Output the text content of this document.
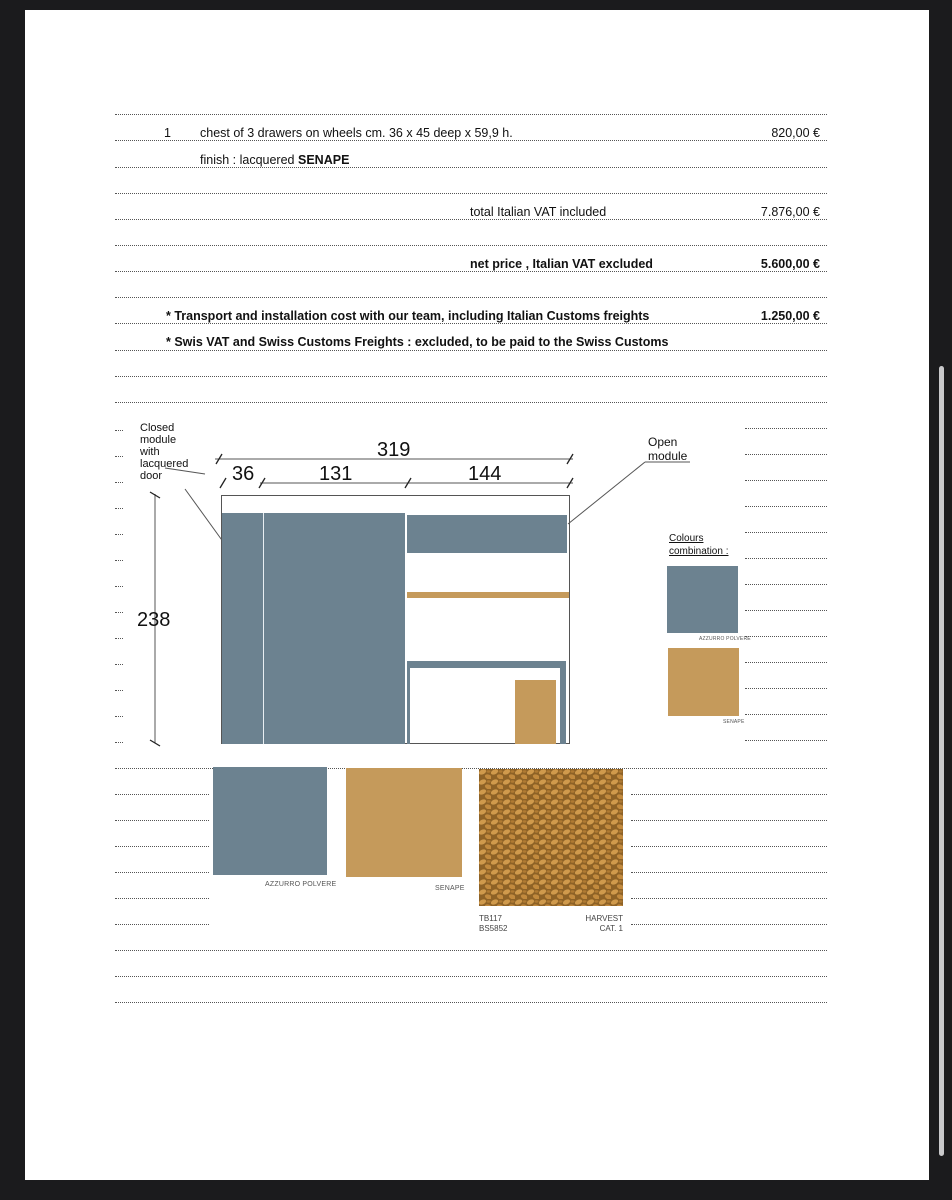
1 chest of 3 drawers on wheels cm. 36 x 45 deep x 59,9 h.	820,00 €
finish : lacquered SENAPE
total Italian VAT included	7.876,00 €
net price , Italian VAT excluded	5.600,00 €
* Transport and installation cost with our team, including Italian Customs freights	1.250,00 €
* Swis VAT and Swiss Customs Freights : excluded, to be paid to the Swiss Customs
319
36	131	144
238
Closed
module
with
lacquered
door
Open
module
Colours
combination :
AZZURRO POLVERE
SENAPE
AZZURRO POLVERE
SENAPE
TB117
BS5852
HARVEST
CAT. 1
